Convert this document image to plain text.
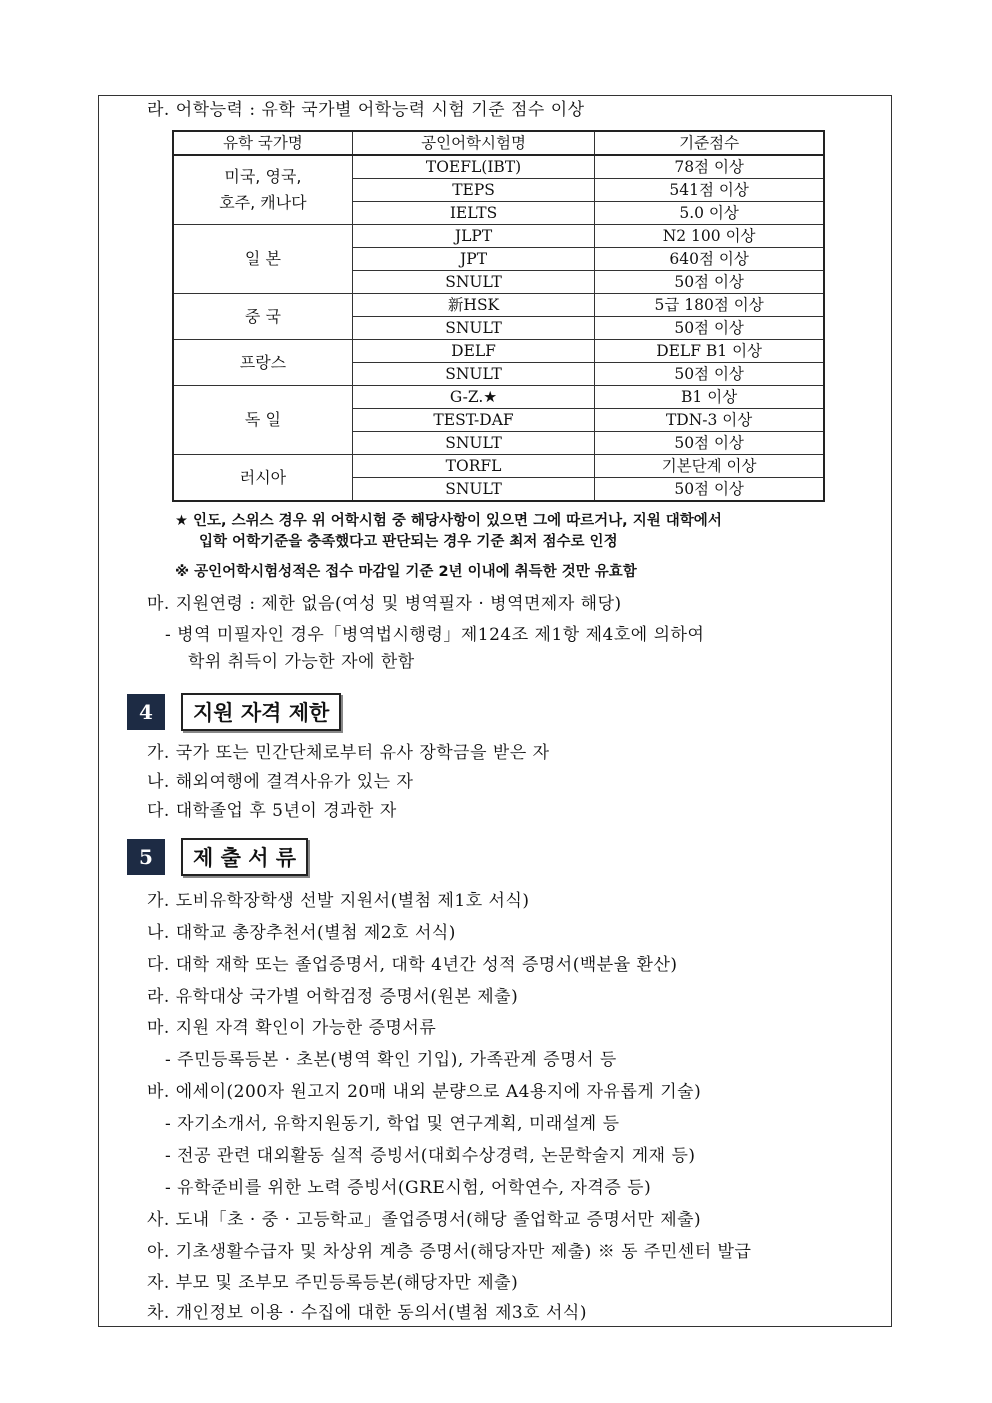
라. 어학능력 : 유학 국가별 어학능력 시험 기준 점수 이상
유학 국가명	공인어학시험명	기준점수

미국, 영국,
호주, 캐나다	TOEFL(IBT)	78점 이상
	TEPS	541점 이상
	IELTS	5.0 이상
일 본	JLPT	N2 100 이상
	JPT	640점 이상
	SNULT	50점 이상
중 국	新HSK	5급 180점 이상
	SNULT	50점 이상
프랑스	DELF	DELF B1 이상
	SNULT	50점 이상
독 일	G-Z.★	B1 이상
	TEST-DAF	TDN-3 이상
	SNULT	50점 이상
러시아	TORFL	기본단계 이상
	SNULT	50점 이상
★ 인도, 스위스 경우 위 어학시험 중 해당사항이 있으면 그에 따르거나, 지원 대학에서
입학 어학기준을 충족했다고 판단되는 경우 기준 최저 점수로 인정
※ 공인어학시험성적은 접수 마감일 기준 2년 이내에 취득한 것만 유효함
마. 지원연령 : 제한 없음(여성 및 병역필자 · 병역면제자 해당)
- 병역 미필자인 경우「병역법시행령」제124조 제1항 제4호에 의하여
학위 취득이 가능한 자에 한함
4	지원 자격 제한
가. 국가 또는 민간단체로부터 유사 장학금을 받은 자
나. 해외여행에 결격사유가 있는 자
다. 대학졸업 후 5년이 경과한 자
5	제 출 서 류
가. 도비유학장학생 선발 지원서(별첨 제1호 서식)
나. 대학교 총장추천서(별첨 제2호 서식)
다. 대학 재학 또는 졸업증명서, 대학 4년간 성적 증명서(백분율 환산)
라. 유학대상 국가별 어학검정 증명서(원본 제출)
마. 지원 자격 확인이 가능한 증명서류
- 주민등록등본 · 초본(병역 확인 기입), 가족관계 증명서 등
바. 에세이(200자 원고지 20매 내외 분량으로 A4용지에 자유롭게 기술)
- 자기소개서, 유학지원동기, 학업 및 연구계획, 미래설계 등
- 전공 관련 대외활동 실적 증빙서(대회수상경력, 논문학술지 게재 등)
- 유학준비를 위한 노력 증빙서(GRE시험, 어학연수, 자격증 등)
사. 도내「초 · 중 · 고등학교」졸업증명서(해당 졸업학교 증명서만 제출)
아. 기초생활수급자 및 차상위 계층 증명서(해당자만 제출) ※ 동 주민센터 발급
자. 부모 및 조부모 주민등록등본(해당자만 제출)
차. 개인정보 이용 · 수집에 대한 동의서(별첨 제3호 서식)
